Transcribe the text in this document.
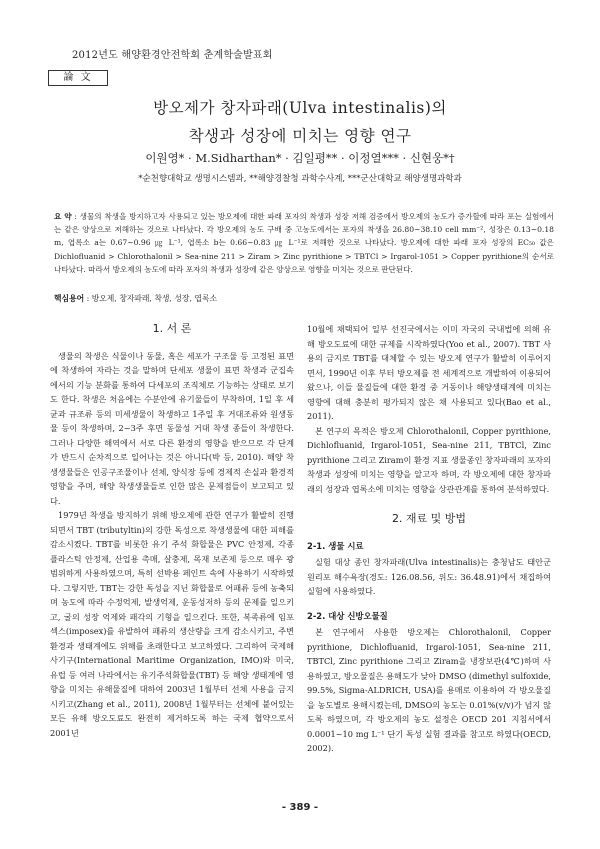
2012년도 해양환경안전학회 춘계학술발표회
論 文
방오제가 창자파래(Ulva intestinalis)의
착생과 성장에 미치는 영향 연구
이원영* · M.Sidharthan* · 김일평** · 이정열*** · 신현웅*†
*순천향대학교 생명시스템과, **해양경찰청 과학수사계, ***군산대학교 해양생명과학과
요 약 : 생물의 착생을 방지하고자 사용되고 있는 방오제에 대한 파래 포자의 착생과 성장 저해 검증에서 방오제의 농도가 증가할에 따라 포는 실험에서는 같은 양상으로 저해하는 것으로 나타났다. 각 방오제의 농도 구배 중 고농도에서는 포자의 착생을 26.80~38.10 cell mm⁻², 성장은 0.13~0.18 m, 엽록소 a는 0.67~0.96 ㎍ L⁻¹, 엽록소 b는 0.66~0.83 ㎍ L⁻¹로 저해한 것으로 나타났다. 방오제에 대한 파래 포자 성장의 EC₅₀ 값은 Dichlofluanid > Chlorothalonil > Sea-nine 211 > Ziram > Zinc pyrithione > TBTCl > Irgarol-1051 > Copper pyrithione의 순서로 나타났다. 따라서 방오제의 농도에 따라 포자의 착생과 성장에 같은 양상으로 영향을 미치는 것으로 판단된다.
핵심용어 : 방오제, 창자파래, 착생, 성장, 엽록소
1. 서 론

생물의 착생은 식물이나 동물, 혹은 세포가 구조물 등 고정된 표면에 착생하여 자라는 것을 말하며 단세포 생물이 표면 착생과 군집속에서의 기능 분화를 통하여 다세포의 조직체로 기능하는 상태로 보기도 한다. 착생은 처음에는 수분안에 유기물들이 부착하며, 1일 후 세균과 규조류 등의 미세생물이 착생하고 1주일 후 거대조류와 원생동물 등이 착생하며, 2~3주 후면 동물성 거대 착생 종들이 착생한다. 그러나 다양한 해역에서 서로 다른 환경의 영향을 받으므로 각 단계가 반드시 순차적으로 일어나는 것은 아니다(박 등, 2010). 해양 착생생물들은 인공구조물이나 선체, 양식장 등에 경제적 손실과 환경적 영향을 주며, 해양 착생생물들로 인한 많은 문제점들이 보고되고 있다.

1979년 착생을 방지하기 위해 방오제에 관한 연구가 활발히 진행되면서 TBT (tributyltin)의 강한 독성으로 착생생물에 대한 피해를 감소시켰다. TBT를 비롯한 유기 주석 화합물은 PVC 안정제, 각종 플라스틱 안정제, 산업용 촉매, 살충제, 목재 보존제 등으로 매우 광범위하게 사용하였으며, 특히 선박용 페인트 속에 사용하기 시작하였다. 그렇지만, TBT는 강한 독성을 지닌 화합물로 어패류 등에 농축되며 농도에 따라 수정억제, 발생억제, 운동성저하 등의 문제를 일으키고, 굴의 성장 억제와 패각의 기형을 일으킨다. 또한, 복족류에 임포섹스(imposex)를 유발하여 패류의 생산량을 크게 감소시키고, 주변 환경과 생태계에도 위해를 초래한다고 보고하였다. 그리하여 국제해사기구(International Maritime Organization, IMO)와 미국, 유럽 등 여러 나라에서는 유기주석화합물(TBT) 등 해양 생태계에 영향을 미치는 유해물질에 대하여 2003년 1월부터 선체 사용을 금지시키고(Zhang et al., 2011), 2008년 1월부터는 선체에 붙어있는 모든 유해 방오도료도 완전히 제거하도록 하는 국제 협약으로서 2001년

10월에 채택되어 일부 선진국에서는 이미 자국의 국내법에 의해 유해 방오도료에 대한 규제를 시작하였다(Yoo et al., 2007). TBT 사용의 금지로 TBT를 대체할 수 있는 방오제 연구가 활발히 이루어지면서, 1990년 이후 부터 방오제를 전 세계적으로 개발하여 이용되어 왔으나, 이들 물질들에 대한 환경 중 거동이나 해양생태계에 미치는 영향에 대해 충분히 평가되지 않은 채 사용되고 있다(Bao et al., 2011).

본 연구의 목적은 방오제 Chlorothalonil, Copper pyrithione, Dichlofluanid, Irgarol-1051, Sea-nine 211, TBTCl, Zinc pyrithione 그리고 Ziram이 환경 지표 생물종인 창자파래의 포자의 착생과 성장에 미치는 영향을 알고자 하며, 각 방오제에 대한 창자파래의 성장과 엽록소에 미치는 영향을 상관관계를 통하여 분석하였다.

2. 재료 및 방법
2-1. 생물 시료

실험 대상 종인 창자파래(Ulva intestinalis)는 충청남도 태안군 원리포 해수욕장(경도: 126.08.56, 위도: 36.48.91)에서 채집하여 실험에 사용하였다.

2-2. 대상 신방오물질

본 연구에서 사용한 방오제는 Chlorothalonil, Copper pyrithione, Dichlofluanid, Irgarol-1051, Sea-nine 211, TBTCl, Zinc pyrithione 그리고 Ziram을 냉장보관(4℃)하며 사용하였고, 방오물질은 용해도가 낮아 DMSO (dimethyl sulfoxide, 99.5%, Sigma-ALDRICH, USA)를 용매로 이용하여 각 방오물질을 농도별로 용해시켰는데, DMSO의 농도는 0.01%(v/v)가 넘지 않도록 하였으며, 각 방오제의 농도 설정은 OECD 201 지침서에서 0.0001~10 mg L⁻¹ 단기 독성 실험 결과를 참고로 하였다(OECD, 2002).

- 389 -
